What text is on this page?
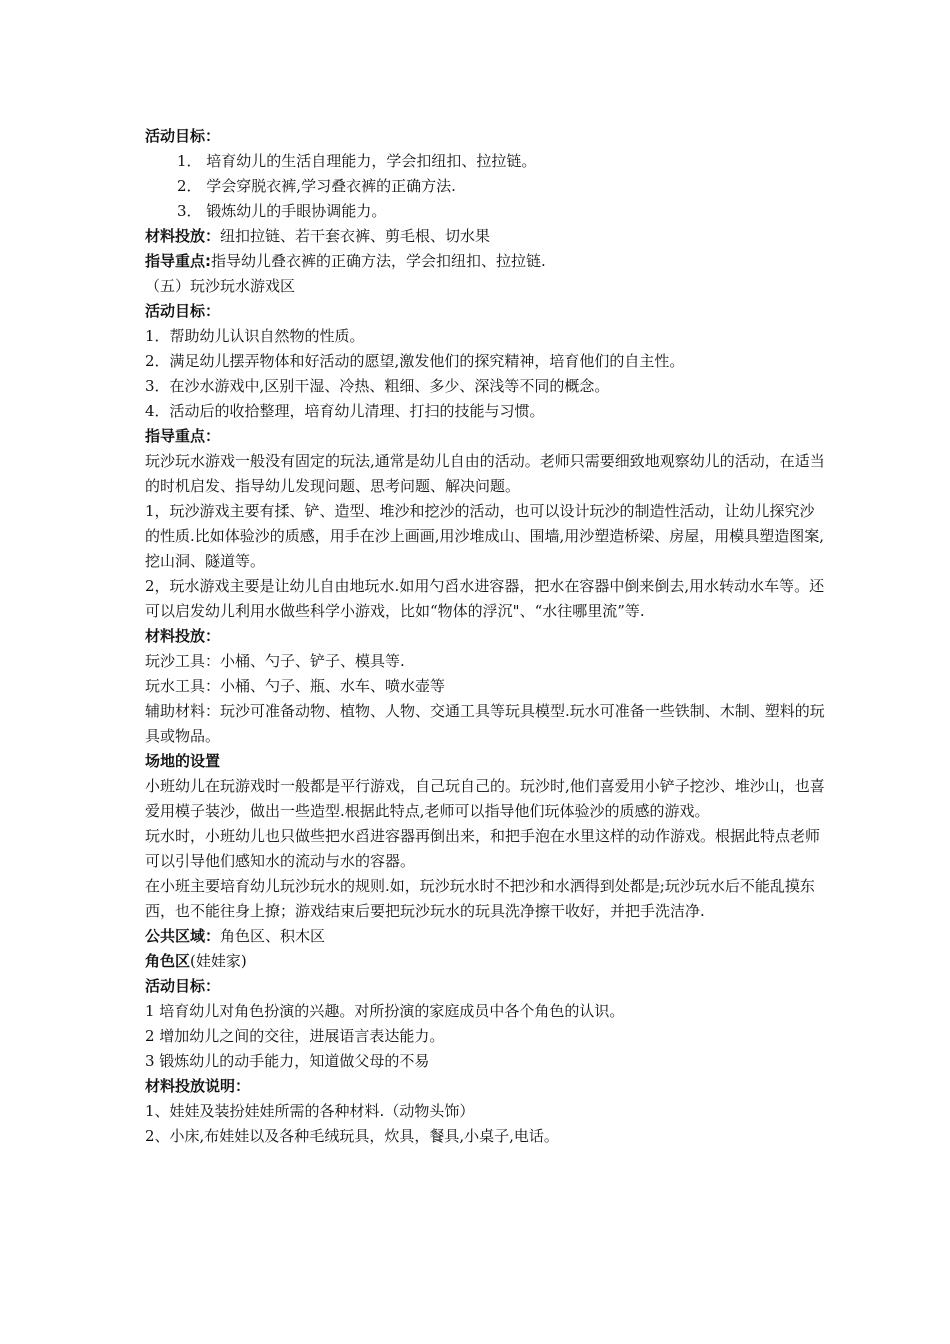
活动目标：

1． 培育幼儿的生活自理能力，学会扣纽扣、拉拉链。

2． 学会穿脱衣裤,学习叠衣裤的正确方法.

3． 锻炼幼儿的手眼协调能力。

材料投放：纽扣拉链、若干套衣裤、剪毛根、切水果

指导重点:指导幼儿叠衣裤的正确方法，学会扣纽扣、拉拉链.

（五）玩沙玩水游戏区

活动目标：

1．帮助幼儿认识自然物的性质。

2．满足幼儿摆弄物体和好活动的愿望,激发他们的探究精神，培育他们的自主性。

3．在沙水游戏中,区别干湿、冷热、粗细、多少、深浅等不同的概念。

4．活动后的收拾整理，培育幼儿清理、打扫的技能与习惯。

指导重点：

玩沙玩水游戏一般没有固定的玩法,通常是幼儿自由的活动。老师只需要细致地观察幼儿的活动，在适当的时机启发、指导幼儿发现问题、思考问题、解决问题。

1，玩沙游戏主要有揉、铲、造型、堆沙和挖沙的活动，也可以设计玩沙的制造性活动，让幼儿探究沙的性质.比如体验沙的质感，用手在沙上画画,用沙堆成山、围墙,用沙塑造桥梁、房屋，用模具塑造图案,挖山洞、隧道等。

2，玩水游戏主要是让幼儿自由地玩水.如用勺舀水进容器，把水在容器中倒来倒去,用水转动水车等。还可以启发幼儿利用水做些科学小游戏，比如“物体的浮沉"、“水往哪里流”等.

材料投放：

玩沙工具：小桶、勺子、铲子、模具等.

玩水工具：小桶、勺子、瓶、水车、喷水壶等

辅助材料：玩沙可准备动物、植物、人物、交通工具等玩具模型.玩水可准备一些铁制、木制、塑料的玩具或物品。

场地的设置

小班幼儿在玩游戏时一般都是平行游戏，自己玩自己的。玩沙时,他们喜爱用小铲子挖沙、堆沙山，也喜爱用模子装沙，做出一些造型.根据此特点,老师可以指导他们玩体验沙的质感的游戏。

玩水时，小班幼儿也只做些把水舀进容器再倒出来，和把手泡在水里这样的动作游戏。根据此特点老师可以引导他们感知水的流动与水的容器。

在小班主要培育幼儿玩沙玩水的规则.如，玩沙玩水时不把沙和水洒得到处都是;玩沙玩水后不能乱摸东西，也不能往身上撩；游戏结束后要把玩沙玩水的玩具洗净擦干收好，并把手洗洁净.

公共区域：角色区、积木区

角色区(娃娃家)

活动目标：

1 培育幼儿对角色扮演的兴趣。对所扮演的家庭成员中各个角色的认识。

2 增加幼儿之间的交往，进展语言表达能力。

3 锻炼幼儿的动手能力，知道做父母的不易

材料投放说明：

1、娃娃及装扮娃娃所需的各种材料.（动物头饰）

2、小床,布娃娃以及各种毛绒玩具，炊具，餐具,小桌子,电话。
